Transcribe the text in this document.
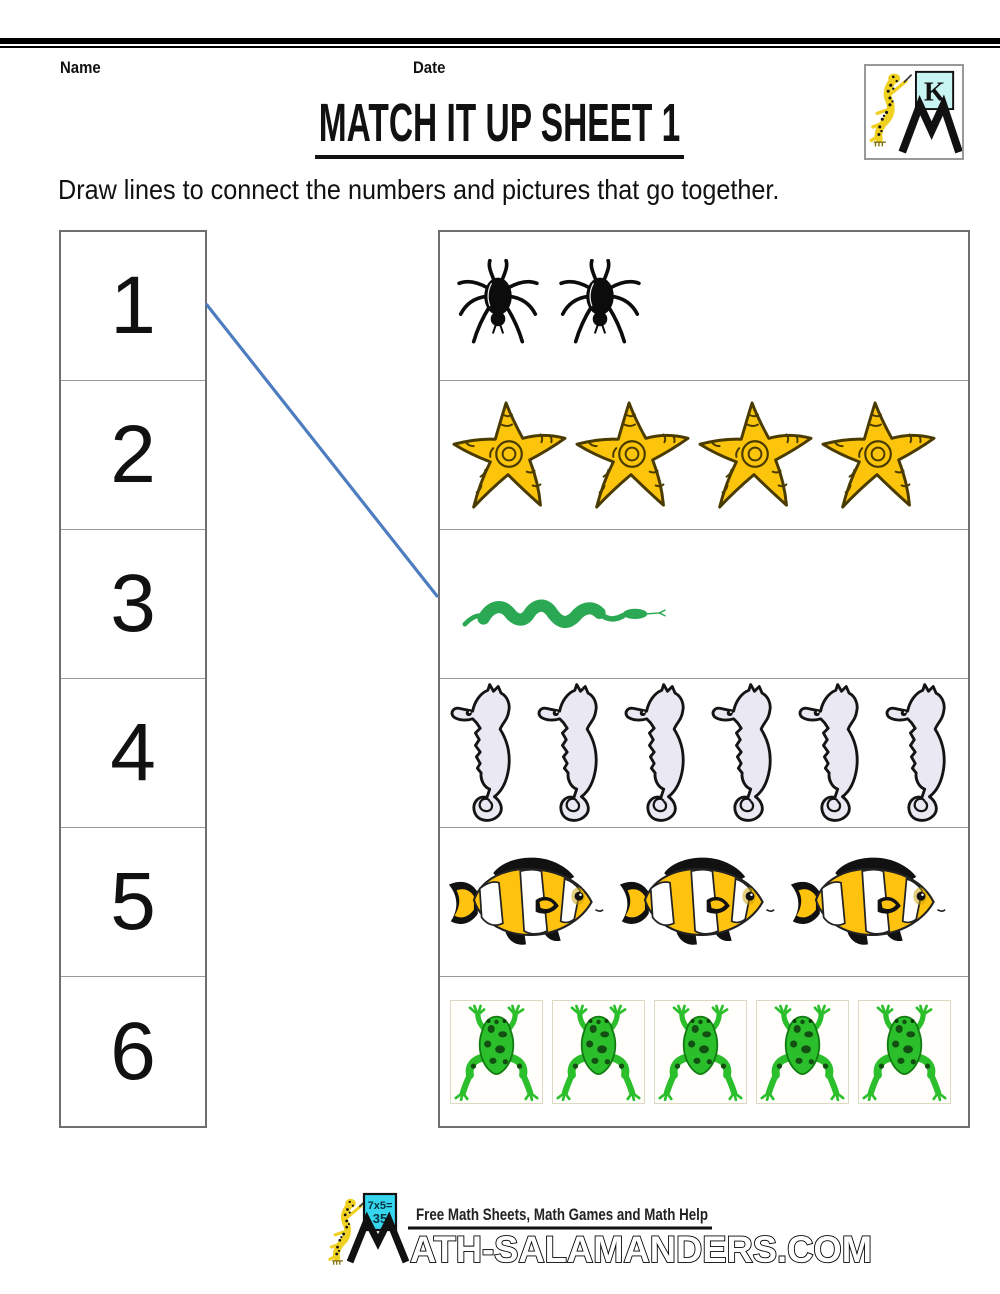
Name	Date
K
MATCH IT UP SHEET 1
Draw lines to connect the numbers and pictures that go together.
1
2
3
4
5
6
7x5=
35 Free Math Sheets, Math Games and Math Help
ATH-SALAMANDERS.COM
